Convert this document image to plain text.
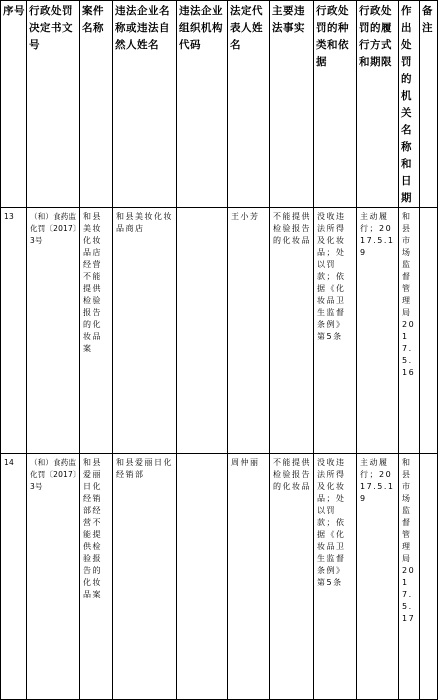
序号	行政处罚决定书文号	案件名称	违法企业名称或违法自然人姓名	违法企业组织机构代码	法定代表人姓名	主要违法事实	行政处罚的种类和依据	行政处罚的履行方式和期限	作出处罚的机关名称和日期	备注
13	（和）食药监化罚〔2017〕3号	和县美妆化妆品店经营不能提供检验报告的化妆品案	和县美妆化妆品商店		王小芳	不能提供检验报告的化妆品	没收违法所得及化妆品；处以罚款；依据《化妆品卫生监督条例》第5条	主动履行；2017.5.19	和县市场监督管理局2017.5.16	
14	（和）食药监化罚〔2017〕3号	和县爱丽日化经销部经营不能提供检验报告的化妆品案	和县爱丽日化经销部		周仲丽	不能提供检验报告的化妆品	没收违法所得及化妆品；处以罚款；依据《化妆品卫生监督条例》第5条	主动履行；2017.5.19	和县市场监督管理局2017.5.17	
